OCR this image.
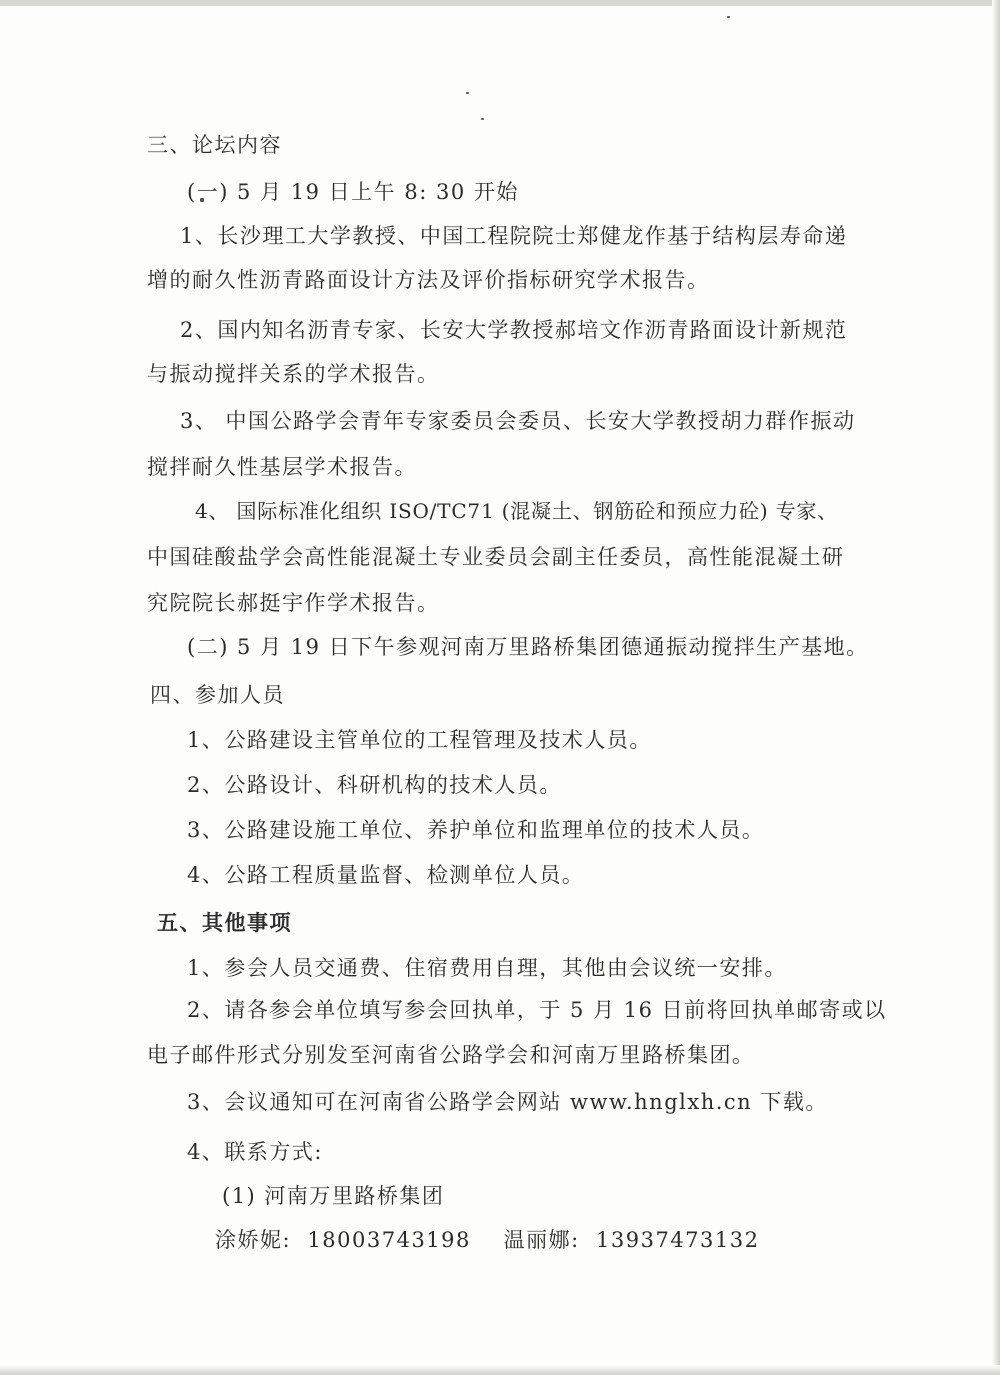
三、论坛内容

(一) 5 月 19 日上午 8: 30 开始

1、长沙理工大学教授、中国工程院院士郑健龙作基于结构层寿命递

增的耐久性沥青路面设计方法及评价指标研究学术报告。

2、国内知名沥青专家、长安大学教授郝培文作沥青路面设计新规范

与振动搅拌关系的学术报告。

3、 中国公路学会青年专家委员会委员、长安大学教授胡力群作振动

搅拌耐久性基层学术报告。

4、 国际标准化组织 ISO/TC71 (混凝土、钢筋砼和预应力砼) 专家、

中国硅酸盐学会高性能混凝土专业委员会副主任委员，高性能混凝土研

究院院长郝挺宇作学术报告。

(二) 5 月 19 日下午参观河南万里路桥集团德通振动搅拌生产基地。

四、参加人员

1、公路建设主管单位的工程管理及技术人员。

2、公路设计、科研机构的技术人员。

3、公路建设施工单位、养护单位和监理单位的技术人员。

4、公路工程质量监督、检测单位人员。

五、其他事项

1、参会人员交通费、住宿费用自理，其他由会议统一安排。

2、请各参会单位填写参会回执单，于 5 月 16 日前将回执单邮寄或以

电子邮件形式分别发至河南省公路学会和河南万里路桥集团。

3、会议通知可在河南省公路学会网站 www.hnglxh.cn 下载。

4、联系方式:

(1) 河南万里路桥集团

涂娇妮:  18003743198    温丽娜:  13937473132
